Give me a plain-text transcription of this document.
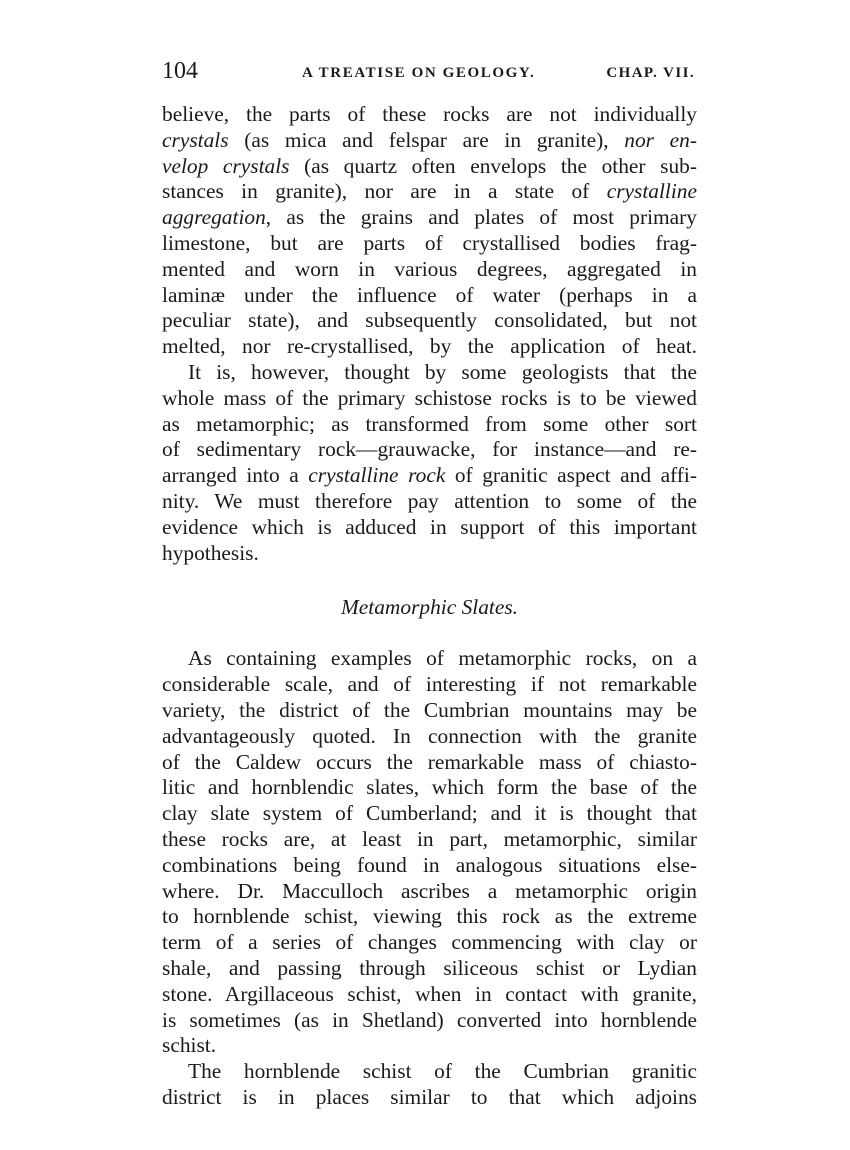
104	A TREATISE ON GEOLOGY.	CHAP. VII.
believe, the parts of these rocks are not individually
crystals (as mica and felspar are in granite), nor en-
velop crystals (as quartz often envelops the other sub-
stances in granite), nor are in a state of crystalline
aggregation, as the grains and plates of most primary
limestone, but are parts of crystallised bodies frag-
mented and worn in various degrees, aggregated in
laminæ under the influence of water (perhaps in a
peculiar state), and subsequently consolidated, but not
melted, nor re-crystallised, by the application of heat.
It is, however, thought by some geologists that the
whole mass of the primary schistose rocks is to be viewed
as metamorphic; as transformed from some other sort
of sedimentary rock—grauwacke, for instance—and re-
arranged into a crystalline rock of granitic aspect and affi-
nity. We must therefore pay attention to some of the
evidence which is adduced in support of this important
hypothesis.
Metamorphic Slates.
As containing examples of metamorphic rocks, on a
considerable scale, and of interesting if not remarkable
variety, the district of the Cumbrian mountains may be
advantageously quoted. In connection with the granite
of the Caldew occurs the remarkable mass of chiasto-
litic and hornblendic slates, which form the base of the
clay slate system of Cumberland; and it is thought that
these rocks are, at least in part, metamorphic, similar
combinations being found in analogous situations else-
where. Dr. Macculloch ascribes a metamorphic origin
to hornblende schist, viewing this rock as the extreme
term of a series of changes commencing with clay or
shale, and passing through siliceous schist or Lydian
stone. Argillaceous schist, when in contact with granite,
is sometimes (as in Shetland) converted into hornblende
schist.
The hornblende schist of the Cumbrian granitic
district is in places similar to that which adjoins
